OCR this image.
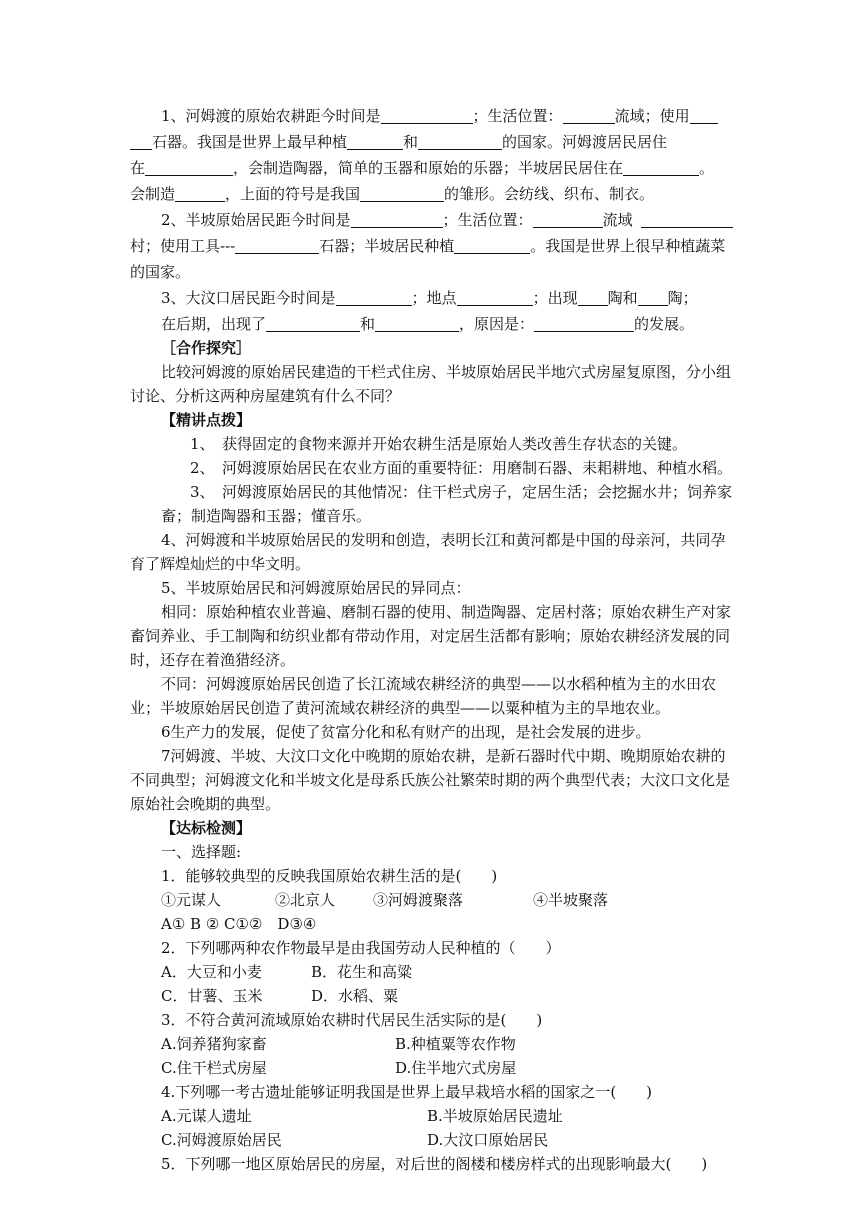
1、河姆渡的原始农耕距今时间是	；生活位置：	流域；使用
石器。我国是世界上最早种植	和	的国家。河姆渡居民居住
在	，会制造陶器，简单的玉器和原始的乐器；半坡居民居住在	。
会制造	，上面的符号是我国	的雏形。会纺线、织布、制衣。
2、半坡原始居民距今时间是	；生活位置：	流域
村；使用工具---	石器；半坡居民种植	。我国是世界上很早种植蔬菜
的国家。
3、大汶口居民距今时间是	；地点	；出现 陶和 陶；
在后期，出现了	和	，原因是：	的发展。
［合作探究］
比较河姆渡的原始居民建造的干栏式住房、半坡原始居民半地穴式房屋复原图，分小组
讨论、分析这两种房屋建筑有什么不同？
【精讲点拨】
1、　获得固定的食物来源并开始农耕生活是原始人类改善生存状态的关键。
2、　河姆渡原始居民在农业方面的重要特征：用磨制石器、耒耜耕地、种植水稻。
3、　河姆渡原始居民的其他情况：住干栏式房子，定居生活；会挖掘水井；饲养家
畜；制造陶器和玉器；懂音乐。
4、河姆渡和半坡原始居民的发明和创造，表明长江和黄河都是中国的母亲河，共同孕
育了辉煌灿烂的中华文明。
5、半坡原始居民和河姆渡原始居民的异同点：
相同：原始种植农业普遍、磨制石器的使用、制造陶器、定居村落；原始农耕生产对家
畜饲养业、手工制陶和纺织业都有带动作用，对定居生活都有影响；原始农耕经济发展的同
时，还存在着渔猎经济。
不同：河姆渡原始居民创造了长江流域农耕经济的典型——以水稻种植为主的水田农
业；半坡原始居民创造了黄河流域农耕经济的典型——以粟种植为主的旱地农业。
6生产力的发展，促使了贫富分化和私有财产的出现，是社会发展的进步。
7河姆渡、半坡、大汶口文化中晚期的原始农耕，是新石器时代中期、晚期原始农耕的
不同典型；河姆渡文化和半坡文化是母系氏族公社繁荣时期的两个典型代表；大汶口文化是
原始社会晚期的典型。
【达标检测】
一、选择题:
1．能够较典型的反映我国原始农耕生活的是(　　)
①元谋人	②北京人	③河姆渡聚落	④半坡聚落
A① B ② C①②　D③④
2．下列哪两种农作物最早是由我国劳动人民种植的（　　）
A．大豆和小麦	B．花生和高粱
C．甘薯、玉米	D．水稻、粟
3．不符合黄河流域原始农耕时代居民生活实际的是(　　)
A.饲养猪狗家畜	B.种植粟等农作物
C.住干栏式房屋	D.住半地穴式房屋
4.下列哪一考古遗址能够证明我国是世界上最早栽培水稻的国家之一(　　)
A.元谋人遗址	B.半坡原始居民遗址
C.河姆渡原始居民	D.大汶口原始居民
5．下列哪一地区原始居民的房屋，对后世的阁楼和楼房样式的出现影响最大(　　)
